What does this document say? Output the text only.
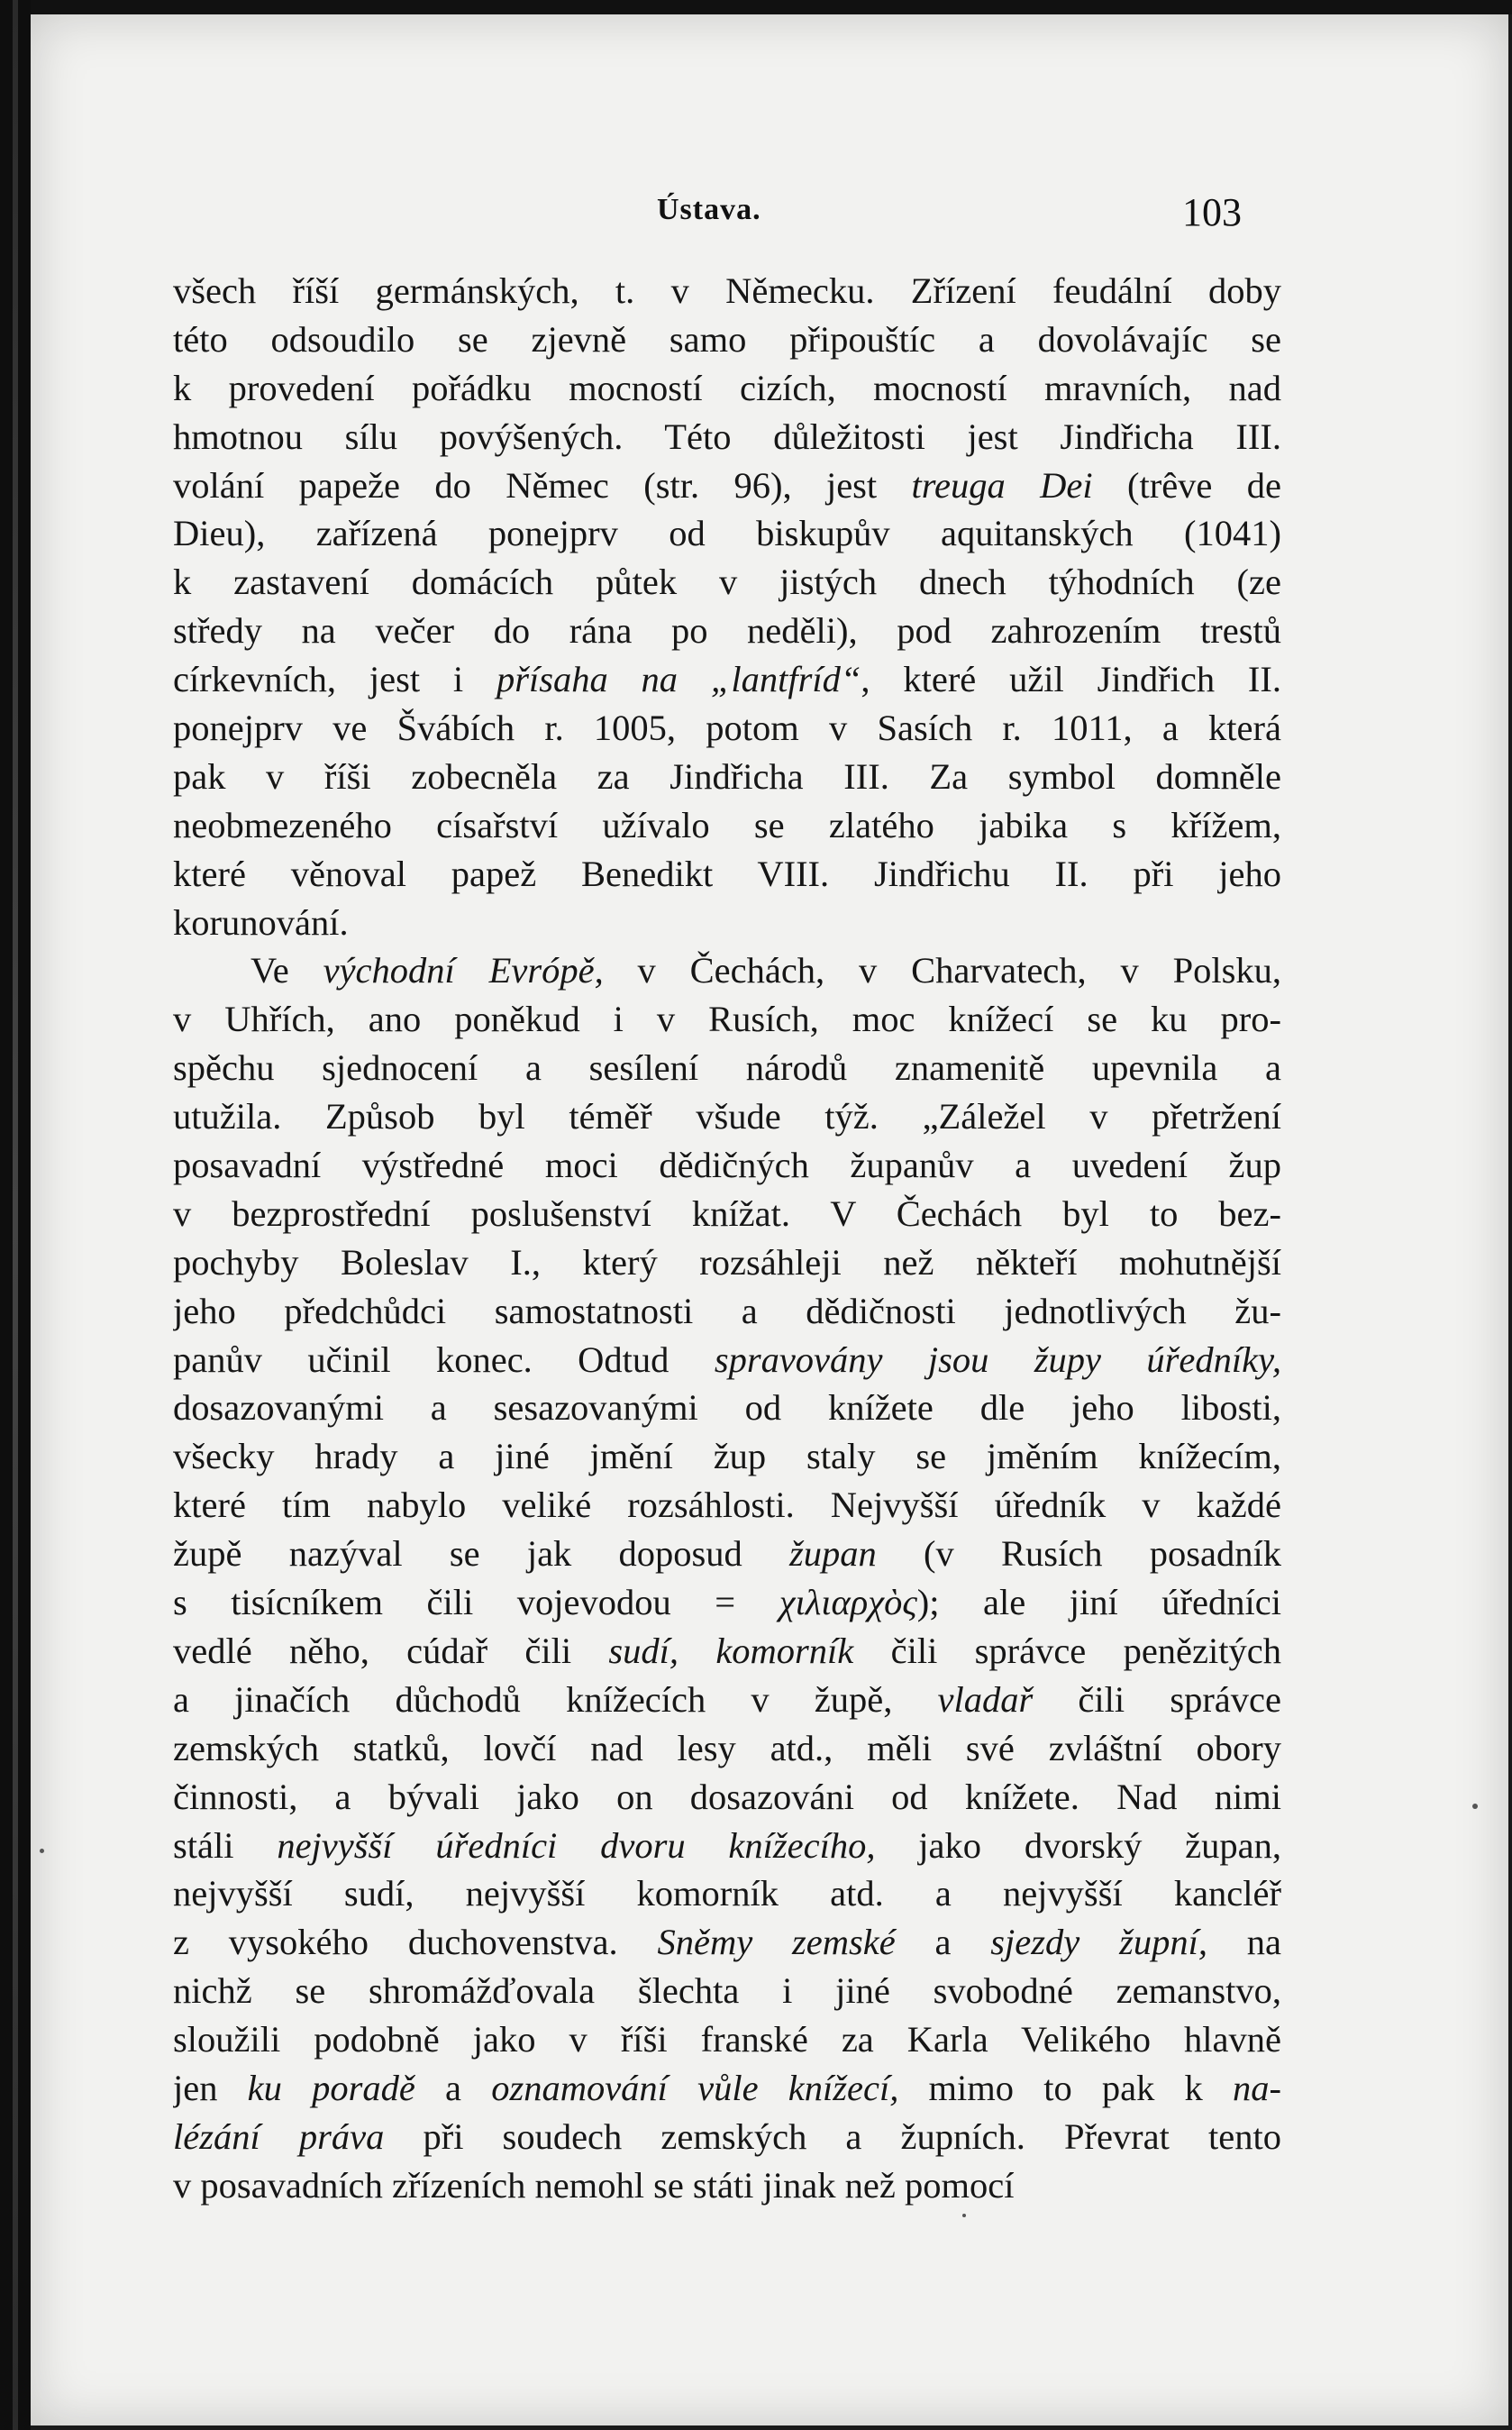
Ústava.	103
všech říší germánských, t. v Německu. Zřízení feudální doby
této odsoudilo se zjevně samo připouštíc a dovolávajíc se
k provedení pořádku mocností cizích, mocností mravních, nad
hmotnou sílu povýšených. Této důležitosti jest Jindřicha III.
volání papeže do Němec (str. 96), jest treuga Dei (trêve de
Dieu), zařízená ponejprv od biskupův aquitanských (1041)
k zastavení domácích půtek v jistých dnech týhodních (ze
středy na večer do rána po neděli), pod zahrozením trestů
církevních, jest i přísaha na „lantfríd“, které užil Jindřich II.
ponejprv ve Švábích r. 1005, potom v Sasích r. 1011, a která
pak v říši zobecněla za Jindřicha III. Za symbol domněle
neobmezeného císařství užívalo se zlatého jabika s křížem,
které věnoval papež Benedikt VIII. Jindřichu II. při jeho
korunování.
Ve východní Evrópě, v Čechách, v Charvatech, v Polsku,
v Uhřích, ano poněkud i v Rusích, moc knížecí se ku pro-
spěchu sjednocení a sesílení národů znamenitě upevnila a
utužila. Způsob byl téměř všude týž. „Záležel v přetržení
posavadní výstředné moci dědičných županův a uvedení žup
v bezprostřední poslušenství knížat. V Čechách byl to bez-
pochyby Boleslav I., který rozsáhleji než někteří mohutnější
jeho předchůdci samostatnosti a dědičnosti jednotlivých žu-
panův učinil konec. Odtud spravovány jsou župy úředníky,
dosazovanými a sesazovanými od knížete dle jeho libosti,
všecky hrady a jiné jmění žup staly se jměním knížecím,
které tím nabylo veliké rozsáhlosti. Nejvyšší úředník v každé
župě nazýval se jak doposud župan (v Rusích posadník
s tisícníkem čili vojevodou = χιλιαρχὸς); ale jiní úředníci
vedlé něho, cúdař čili sudí, komorník čili správce penězitých
a jinačích důchodů knížecích v župě, vladař čili správce
zemských statků, lovčí nad lesy atd., měli své zvláštní obory
činnosti, a bývali jako on dosazováni od knížete. Nad nimi
stáli nejvyšší úředníci dvoru knížecího, jako dvorský župan,
nejvyšší sudí, nejvyšší komorník atd. a nejvyšší kancléř
z vysokého duchovenstva. Sněmy zemské a sjezdy župní, na
nichž se shromážďovala šlechta i jiné svobodné zemanstvo,
sloužili podobně jako v říši franské za Karla Velikého hlavně
jen ku poradě a oznamování vůle knížecí, mimo to pak k na-
lézání práva při soudech zemských a župních. Převrat tento
v posavadních zřízeních nemohl se státi jinak než pomocí
